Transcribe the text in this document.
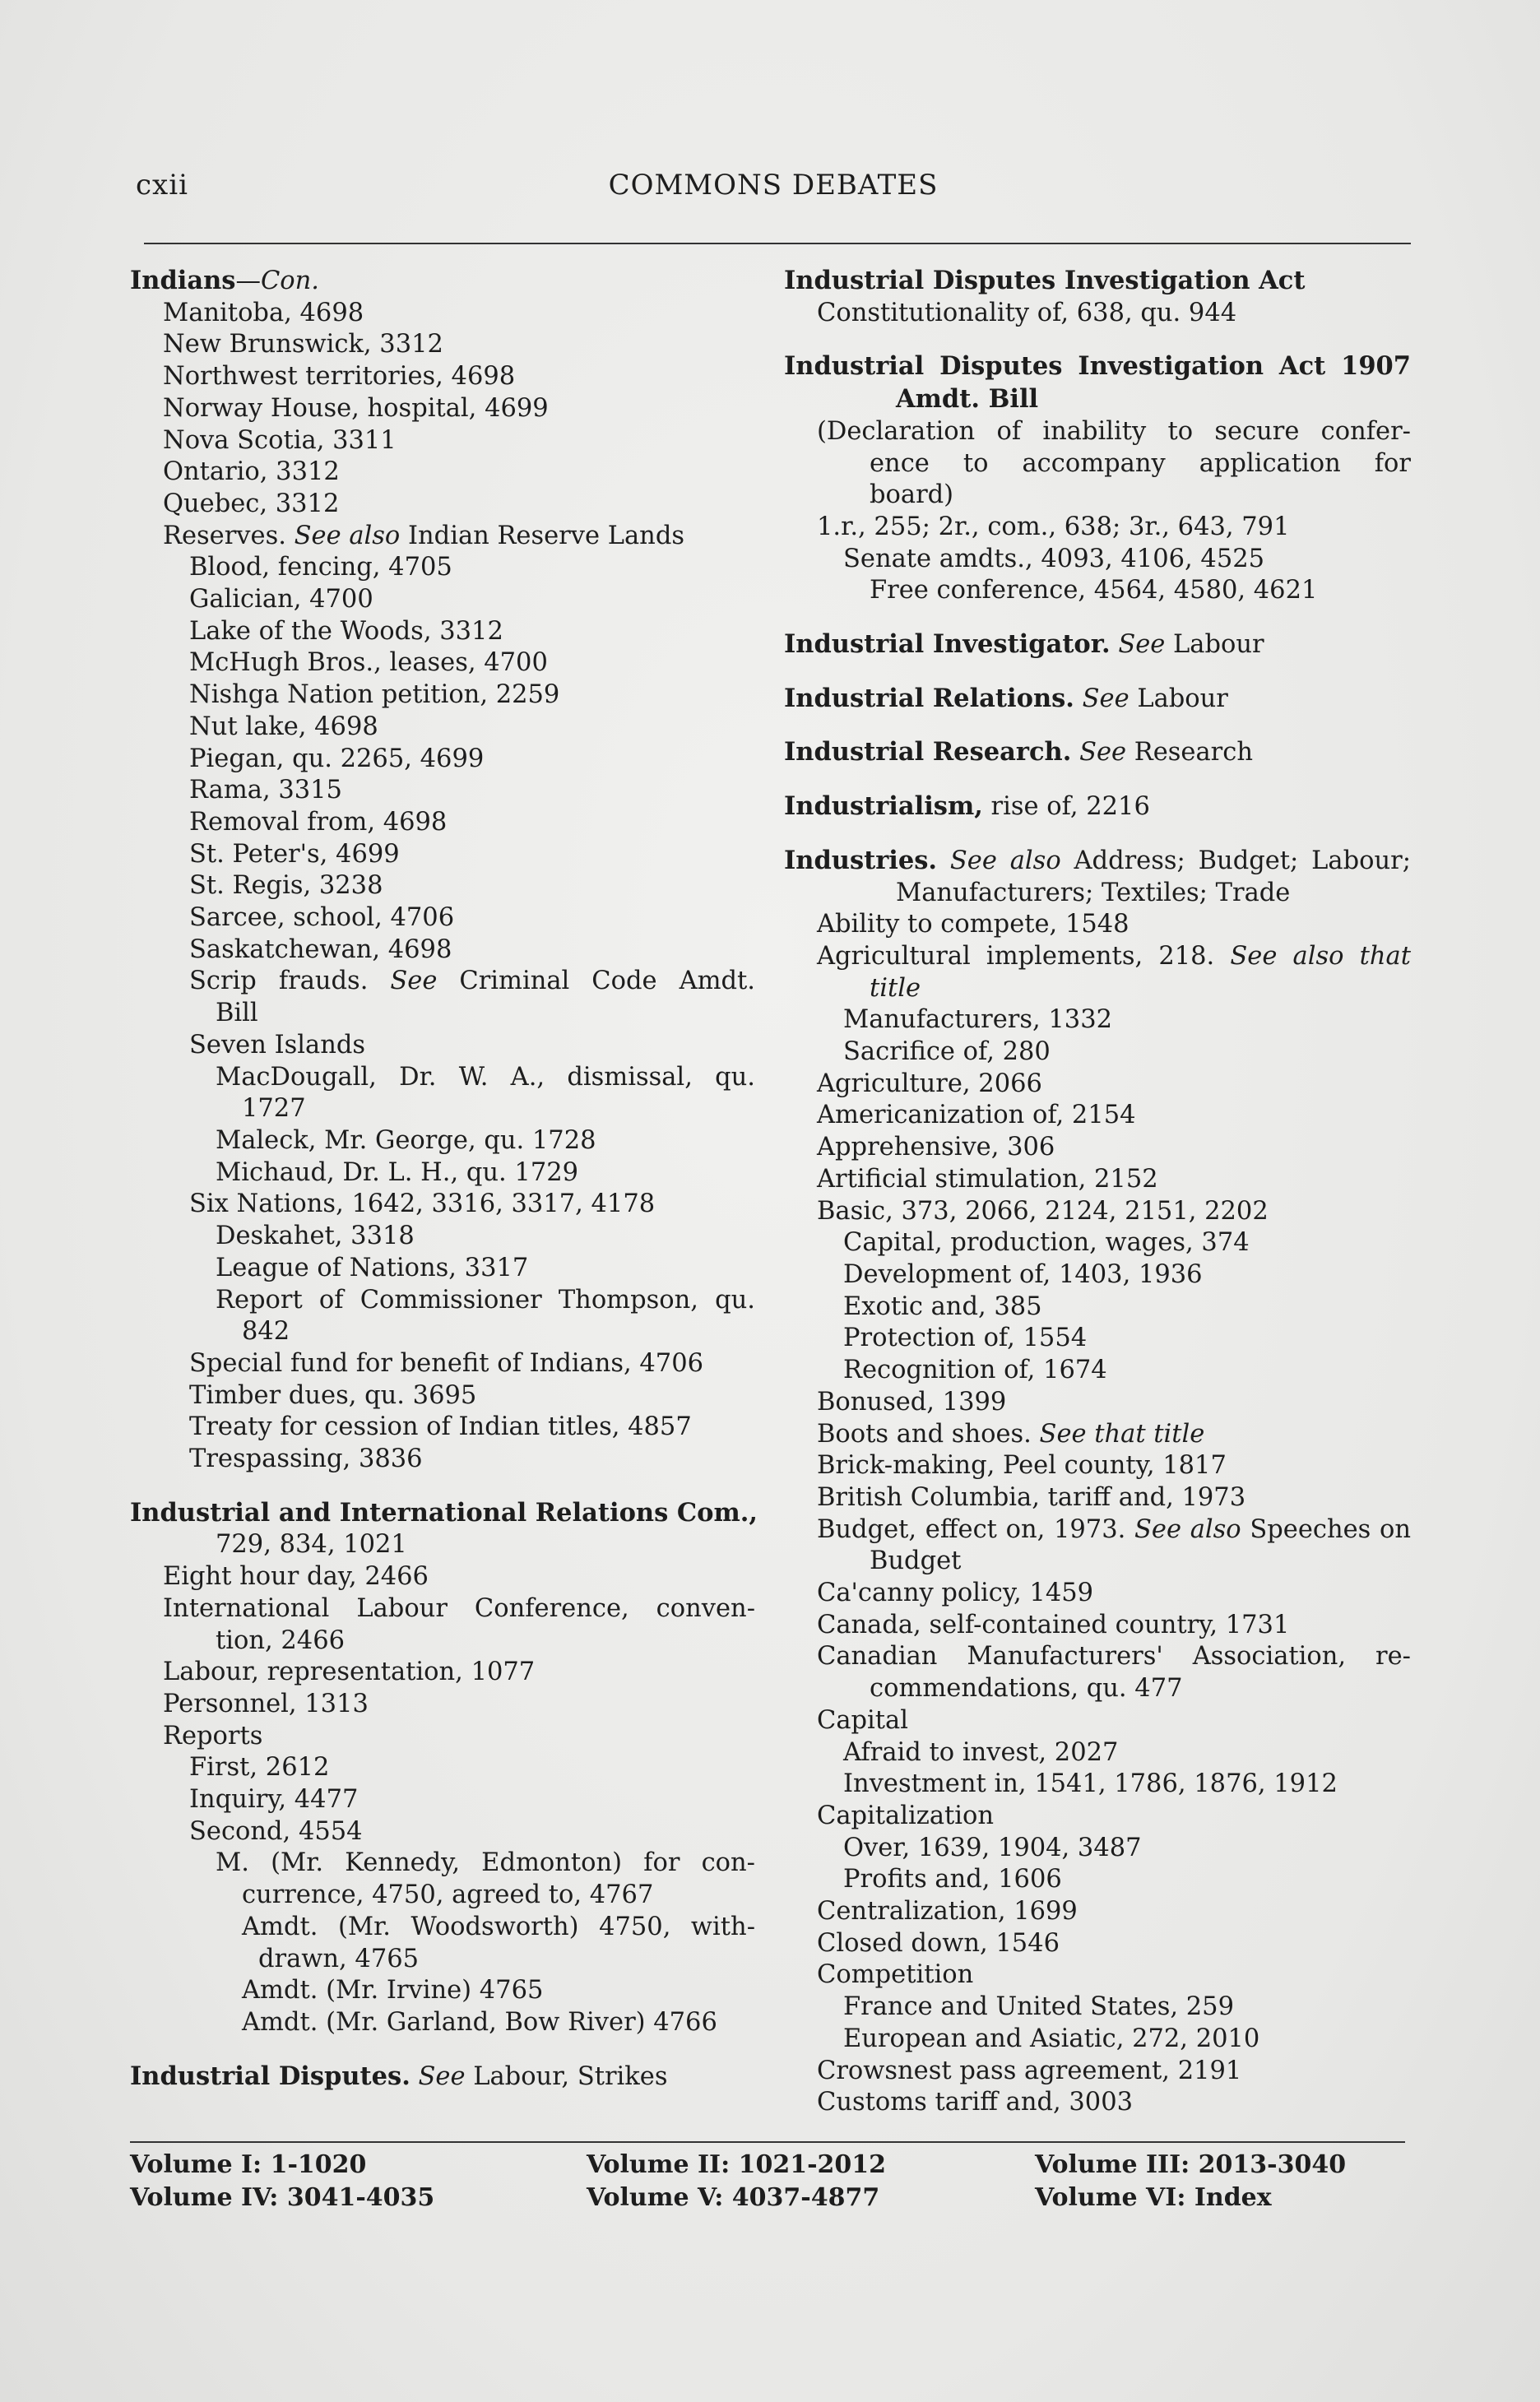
cxii	COMMONS DEBATES
Indians—Con.
Manitoba, 4698
New Brunswick, 3312
Northwest territories, 4698
Norway House, hospital, 4699
Nova Scotia, 3311
Ontario, 3312
Quebec, 3312
Reserves. See also Indian Reserve Lands
Blood, fencing, 4705
Galician, 4700
Lake of the Woods, 3312
McHugh Bros., leases, 4700
Nishga Nation petition, 2259
Nut lake, 4698
Piegan, qu. 2265, 4699
Rama, 3315
Removal from, 4698
St. Peter's, 4699
St. Regis, 3238
Sarcee, school, 4706
Saskatchewan, 4698
Scrip frauds. See Criminal Code Amdt.
Bill
Seven Islands
MacDougall, Dr. W. A., dismissal, qu.
1727
Maleck, Mr. George, qu. 1728
Michaud, Dr. L. H., qu. 1729
Six Nations, 1642, 3316, 3317, 4178
Deskahet, 3318
League of Nations, 3317
Report of Commissioner Thompson, qu.
842
Special fund for benefit of Indians, 4706
Timber dues, qu. 3695
Treaty for cession of Indian titles, 4857
Trespassing, 3836
Industrial and International Relations Com.,
729, 834, 1021
Eight hour day, 2466
International Labour Conference, conven-
tion, 2466
Labour, representation, 1077
Personnel, 1313
Reports
First, 2612
Inquiry, 4477
Second, 4554
M. (Mr. Kennedy, Edmonton) for con-
currence, 4750, agreed to, 4767
Amdt. (Mr. Woodsworth) 4750, with-
drawn, 4765
Amdt. (Mr. Irvine) 4765
Amdt. (Mr. Garland, Bow River) 4766
Industrial Disputes. See Labour, Strikes
Industrial Disputes Investigation Act
Constitutionality of, 638, qu. 944
Industrial Disputes Investigation Act 1907
Amdt. Bill
(Declaration of inability to secure confer-
ence to accompany application for
board)
1.r., 255; 2r., com., 638; 3r., 643, 791
Senate amdts., 4093, 4106, 4525
Free conference, 4564, 4580, 4621
Industrial Investigator. See Labour
Industrial Relations. See Labour
Industrial Research. See Research
Industrialism, rise of, 2216
Industries. See also Address; Budget; Labour;
Manufacturers; Textiles; Trade
Ability to compete, 1548
Agricultural implements, 218. See also that
title
Manufacturers, 1332
Sacrifice of, 280
Agriculture, 2066
Americanization of, 2154
Apprehensive, 306
Artificial stimulation, 2152
Basic, 373, 2066, 2124, 2151, 2202
Capital, production, wages, 374
Development of, 1403, 1936
Exotic and, 385
Protection of, 1554
Recognition of, 1674
Bonused, 1399
Boots and shoes. See that title
Brick-making, Peel county, 1817
British Columbia, tariff and, 1973
Budget, effect on, 1973. See also Speeches on
Budget
Ca'canny policy, 1459
Canada, self-contained country, 1731
Canadian Manufacturers' Association, re-
commendations, qu. 477
Capital
Afraid to invest, 2027
Investment in, 1541, 1786, 1876, 1912
Capitalization
Over, 1639, 1904, 3487
Profits and, 1606
Centralization, 1699
Closed down, 1546
Competition
France and United States, 259
European and Asiatic, 272, 2010
Crowsnest pass agreement, 2191
Customs tariff and, 3003
Volume I: 1-1020
Volume IV: 3041-4035
Volume II: 1021-2012
Volume V: 4037-4877
Volume III: 2013-3040
Volume VI: Index
